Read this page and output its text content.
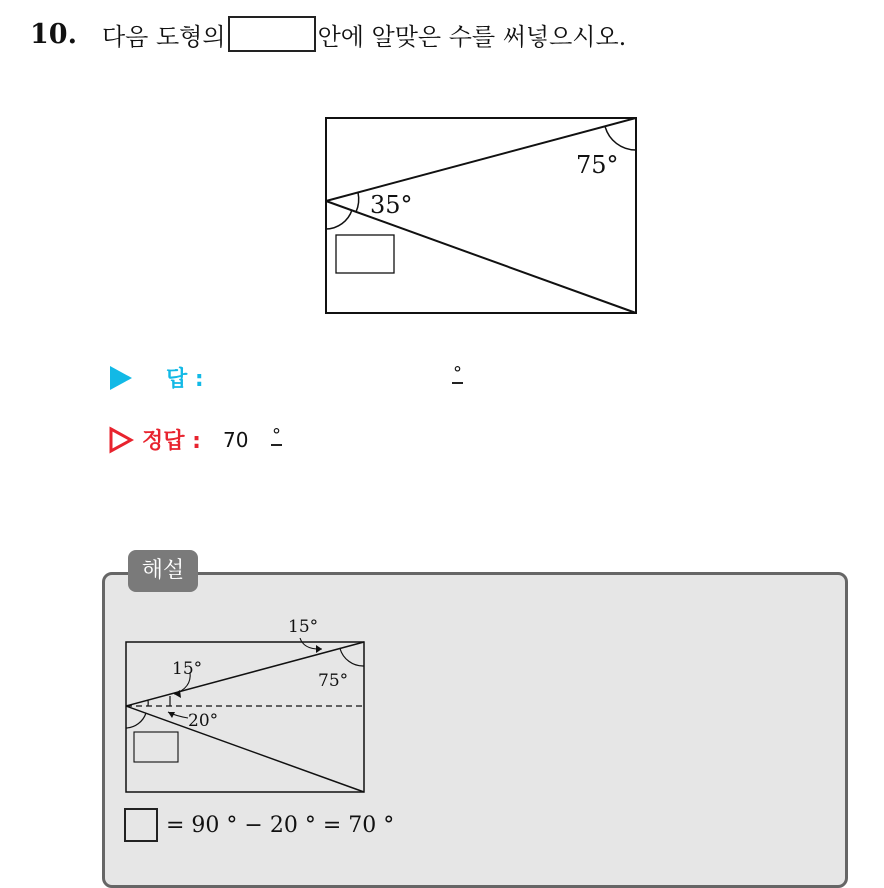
10.	다음 도형의	안에 알맞은 수를 써넣으시오.
75°
35°
답 :	°
정답 : 70 °
해설
15°
75°
15°
20°
= 90 ° − 20 ° = 70 °
